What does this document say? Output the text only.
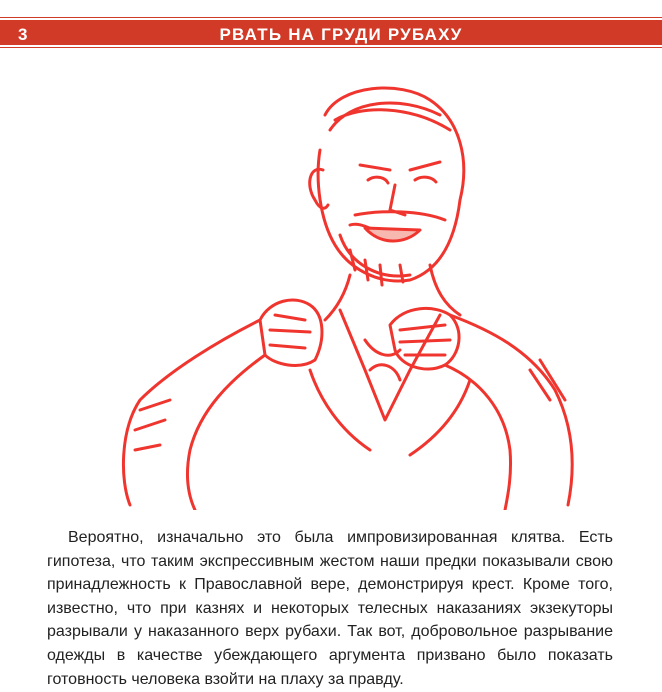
3	РВАТЬ НА ГРУДИ РУБАХУ
Вероятно, изначально это была импровизированная клятва. Есть
гипотеза, что таким экспрессивным жестом наши предки показывали свою
принадлежность к Православной вере, демонстрируя крест. Кроме того,
известно, что при казнях и некоторых телесных наказаниях экзекуторы
разрывали у наказанного верх рубахи. Так вот, добровольное разрывание
одежды в качестве убеждающего аргумента призвано было показать
готовность человека взойти на плаху за правду.
